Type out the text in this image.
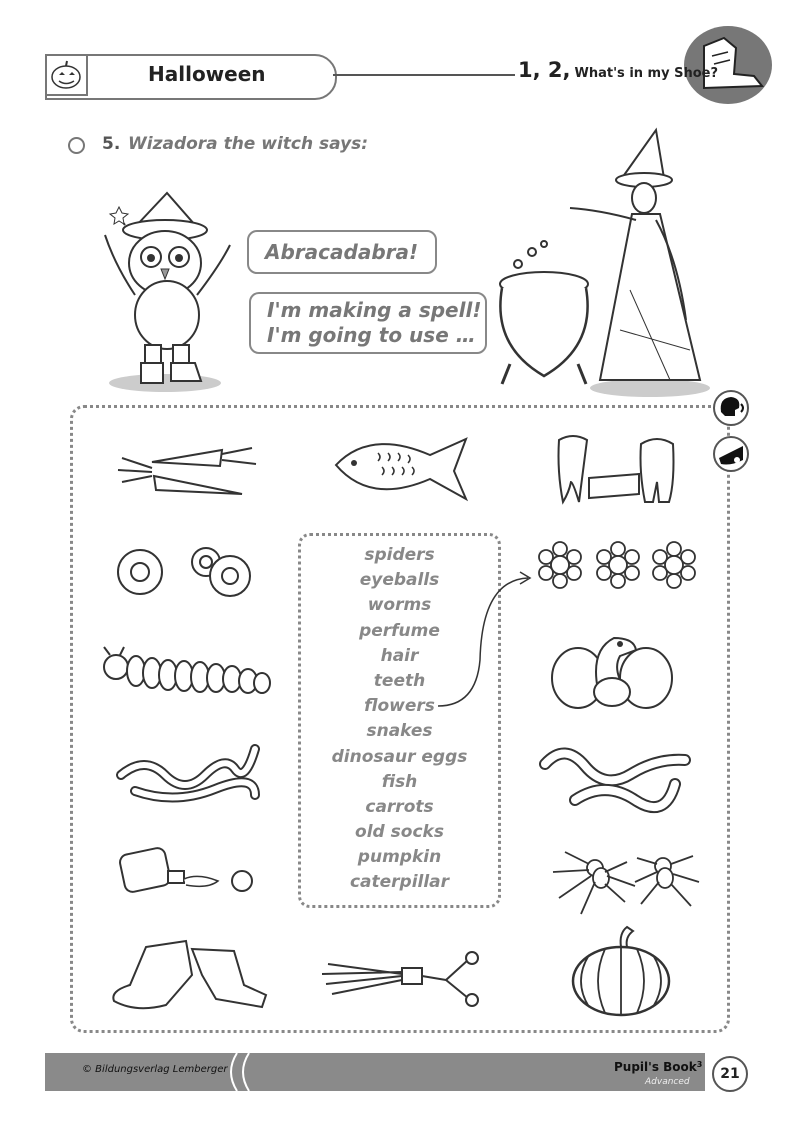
Halloween	1, 2, What's in my Shoe?
5. Wizadora the witch says:
Abracadabra!
I'm making a spell!
I'm going to use …
spiders
eyeballs
worms
perfume
hair
teeth
flowers
snakes
dinosaur eggs
fish
carrots
old socks
pumpkin
caterpillar
© Bildungsverlag Lemberger	Pupil's Book$^3$
Advanced	21
